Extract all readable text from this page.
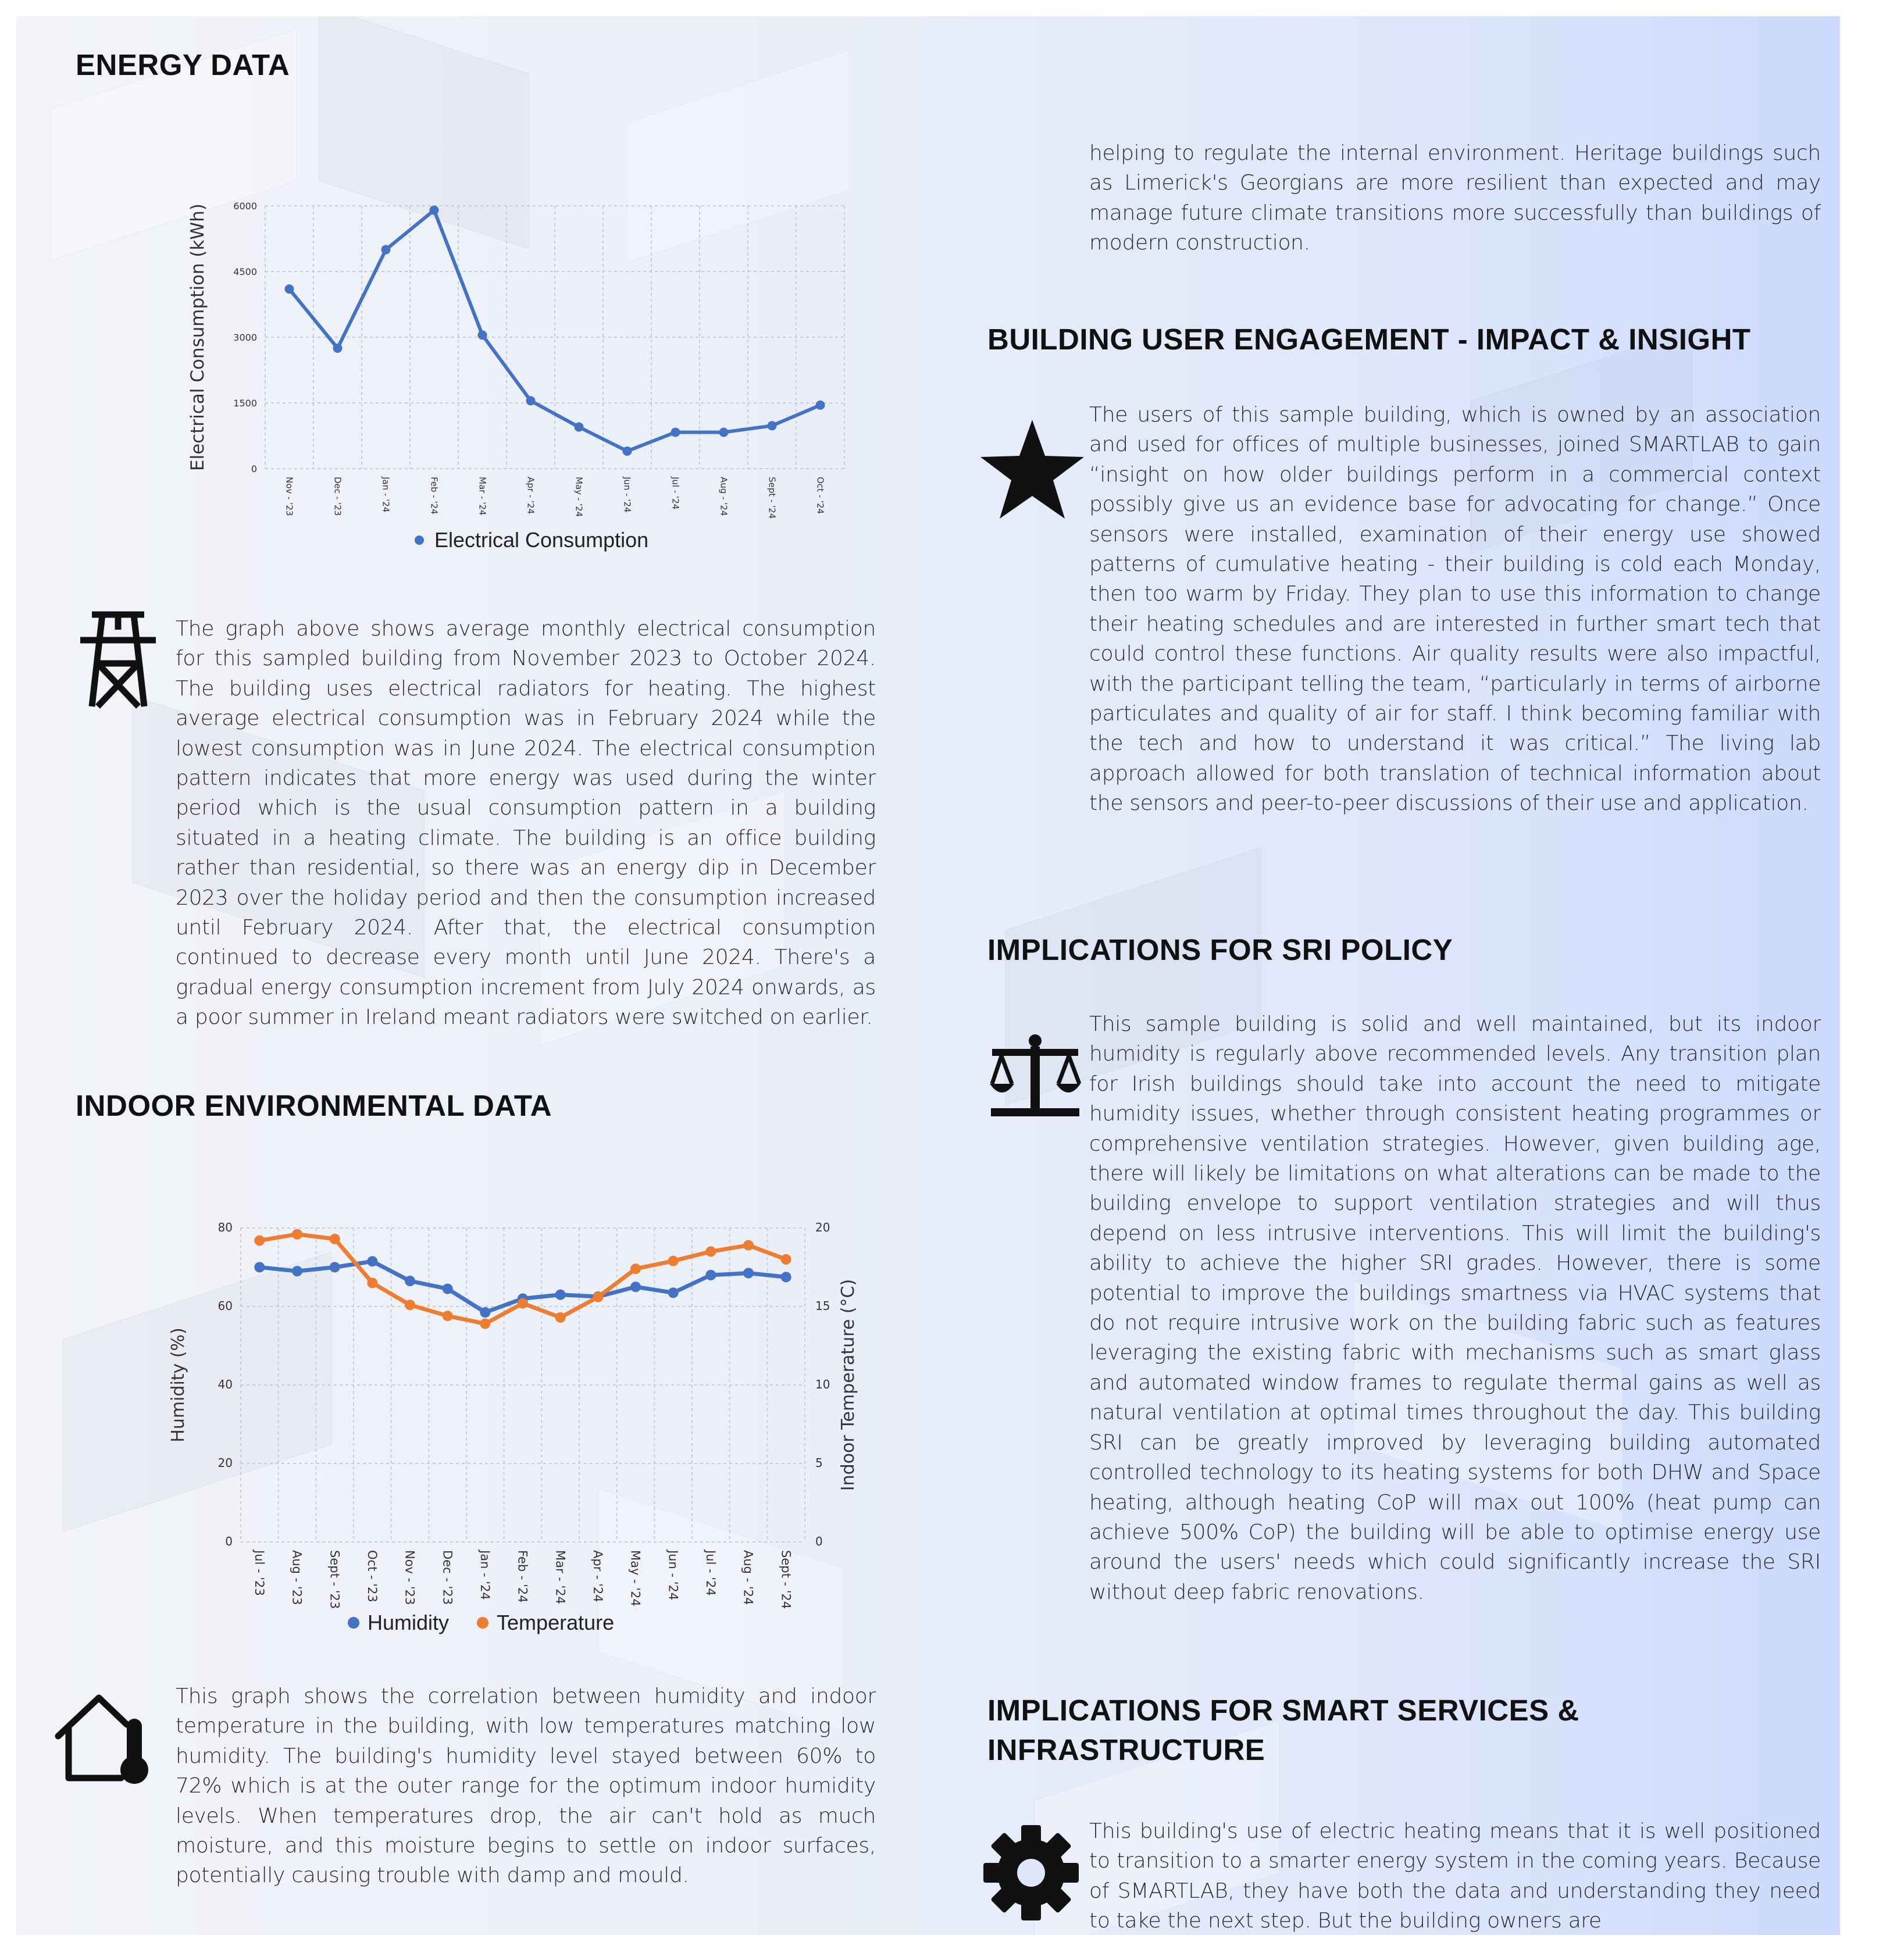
ENERGY DATA
0
1500
3000
4500
6000
Nov - '23	Dec - '23	Jan - '24	Feb - '24	Mar - '24	Apr - '24	May - '24	Jun - '24	Jul - '24	Aug - '24	Sept - '24	Oct - '24
Electrical Consumption (kWh)
Electrical Consumption

The graph above shows average monthly electrical consumption for this sampled building from November 2023 to October 2024. The building uses electrical radiators for heating. The highest average electrical consumption was in February 2024 while the lowest consumption was in June 2024. The electrical consumption pattern indicates that more energy was used during the winter period which is the usual consumption pattern in a building situated in a heating climate. The building is an office building rather than residential, so there was an energy dip in December 2023 over the holiday period and then the consumption increased until February 2024. After that, the electrical consumption continued to decrease every month until June 2024. There's a gradual energy consumption increment from July 2024 onwards, as a poor summer in Ireland meant radiators were switched on earlier.

INDOOR ENVIRONMENTAL DATA
0	0
20	5
40	10
60	15
80	20
Jul - '23 Aug - '23 Sept - '23 Oct - '23 Nov - '23 Dec - '23 Jan - '24 Feb - '24 Mar - '24 Apr - '24 May - '24 Jun - '24 Jul - '24 Aug - '24 Sept - '24
Humidity (%)	Indoor Temperature (°C)
Humidity Temperature

This graph shows the correlation between humidity and indoor temperature in the building, with low temperatures matching low humidity. The building's humidity level stayed between 60% to 72% which is at the outer range for the optimum indoor humidity levels. When temperatures drop, the air can't hold as much moisture, and this moisture begins to settle on indoor surfaces, potentially causing trouble with damp and mould.

helping to regulate the internal environment. Heritage buildings such as Limerick's Georgians are more resilient than expected and may manage future climate transitions more successfully than buildings of modern construction.

BUILDING USER ENGAGEMENT - IMPACT & INSIGHT

The users of this sample building, which is owned by an association and used for offices of multiple businesses, joined SMARTLAB to gain “insight on how older buildings perform in a commercial context possibly give us an evidence base for advocating for change.” Once sensors were installed, examination of their energy use showed patterns of cumulative heating - their building is cold each Monday, then too warm by Friday. They plan to use this information to change their heating schedules and are interested in further smart tech that could control these functions. Air quality results were also impactful, with the participant telling the team, “particularly in terms of airborne particulates and quality of air for staff. I think becoming familiar with the tech and how to understand it was critical.” The living lab approach allowed for both translation of technical information about the sensors and peer-to-peer discussions of their use and application.

IMPLICATIONS FOR SRI POLICY

This sample building is solid and well maintained, but its indoor humidity is regularly above recommended levels. Any transition plan for Irish buildings should take into account the need to mitigate humidity issues, whether through consistent heating programmes or comprehensive ventilation strategies. However, given building age, there will likely be limitations on what alterations can be made to the building envelope to support ventilation strategies and will thus depend on less intrusive interventions. This will limit the building's ability to achieve the higher SRI grades. However, there is some potential to improve the buildings smartness via HVAC systems that do not require intrusive work on the building fabric such as features leveraging the existing fabric with mechanisms such as smart glass and automated window frames to regulate thermal gains as well as natural ventilation at optimal times throughout the day. This building SRI can be greatly improved by leveraging building automated controlled technology to its heating systems for both DHW and Space heating, although heating CoP will max out 100% (heat pump can achieve 500% CoP) the building will be able to optimise energy use around the users' needs which could significantly increase the SRI without deep fabric renovations.

IMPLICATIONS FOR SMART SERVICES &
INFRASTRUCTURE

This building's use of electric heating means that it is well positioned to transition to a smarter energy system in the coming years. Because of SMARTLAB, they have both the data and understanding they need to take the next step. But the building owners are
